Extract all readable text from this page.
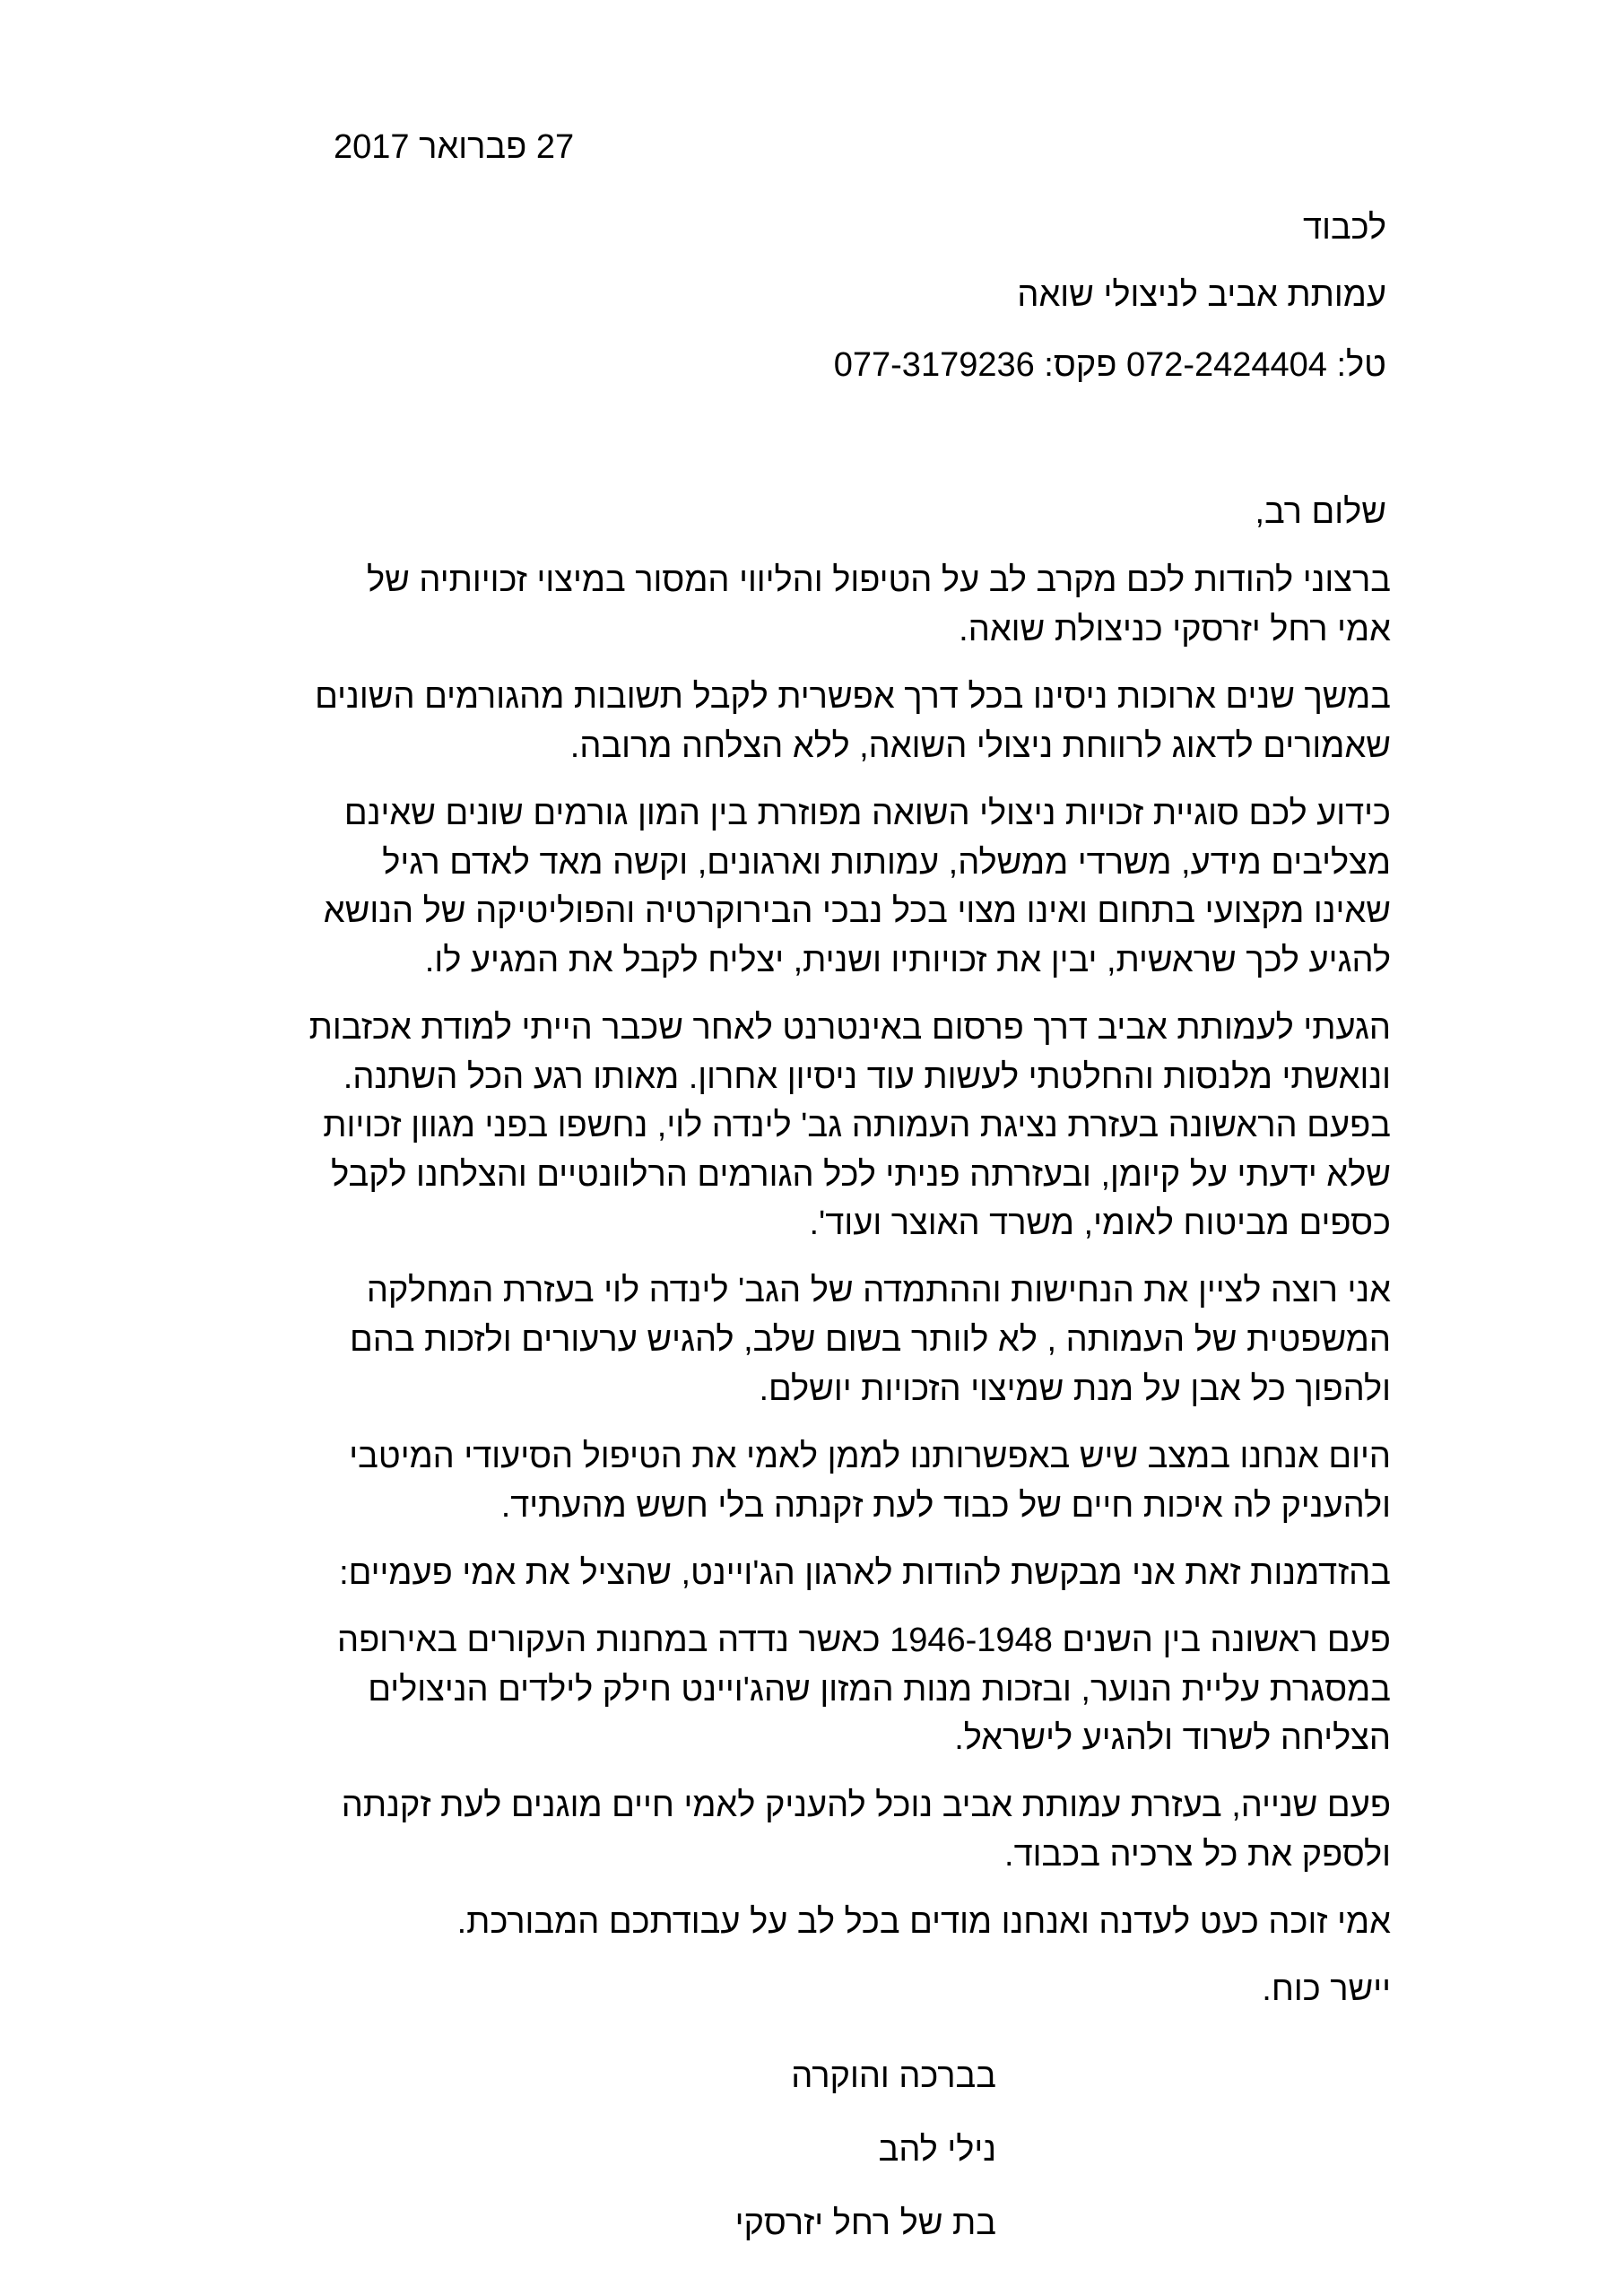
27 פברואר 2017
לכבוד
עמותת אביב לניצולי שואה
טל: 072-2424404 פקס: 077-3179236
שלום רב,
ברצוני להודות לכם מקרב לב על הטיפול והליווי המסור במיצוי זכויותיה של
אמי רחל יזרסקי כניצולת שואה.
במשך שנים ארוכות ניסינו בכל דרך אפשרית לקבל תשובות מהגורמים השונים
שאמורים לדאוג לרווחת ניצולי השואה, ללא הצלחה מרובה.
כידוע לכם סוגיית זכויות ניצולי השואה מפוזרת בין המון גורמים שונים שאינם
מצליבים מידע, משרדי ממשלה, עמותות וארגונים, וקשה מאד לאדם רגיל
שאינו מקצועי בתחום ואינו מצוי בכל נבכי הבירוקרטיה והפוליטיקה של הנושא
להגיע לכך שראשית, יבין את זכויותיו ושנית, יצליח לקבל את המגיע לו.
הגעתי לעמותת אביב דרך פרסום באינטרנט לאחר שכבר הייתי למודת אכזבות
ונואשתי מלנסות והחלטתי לעשות עוד ניסיון אחרון. מאותו רגע הכל השתנה.
בפעם הראשונה בעזרת נציגת העמותה גב' לינדה לוי, נחשפו בפני מגוון זכויות
שלא ידעתי על קיומן, ובעזרתה פניתי לכל הגורמים הרלוונטיים והצלחנו לקבל
כספים מביטוח לאומי, משרד האוצר ועוד'.
אני רוצה לציין את הנחישות וההתמדה של הגב' לינדה לוי בעזרת המחלקה
המשפטית של העמותה , לא לוותר בשום שלב, להגיש ערעורים ולזכות בהם
ולהפוך כל אבן על מנת שמיצוי הזכויות יושלם.
היום אנחנו במצב שיש באפשרותנו לממן לאמי את הטיפול הסיעודי המיטבי
ולהעניק לה איכות חיים של כבוד לעת זקנתה בלי חשש מהעתיד.
בהזדמנות זאת אני מבקשת להודות לארגון הג'ויינט, שהציל את אמי פעמיים:
פעם ראשונה בין השנים 1946-1948 כאשר נדדה במחנות העקורים באירופה
במסגרת עליית הנוער, ובזכות מנות המזון שהג'ויינט חילק לילדים הניצולים
הצליחה לשרוד ולהגיע לישראל.
פעם שנייה, בעזרת עמותת אביב נוכל להעניק לאמי חיים מוגנים לעת זקנתה
ולספק את כל צרכיה בכבוד.
אמי זוכה כעט לעדנה ואנחנו מודים בכל לב על עבודתכם המבורכת.
יישר כוח.
בברכה והוקרה
נילי להב
בת של רחל יזרסקי
